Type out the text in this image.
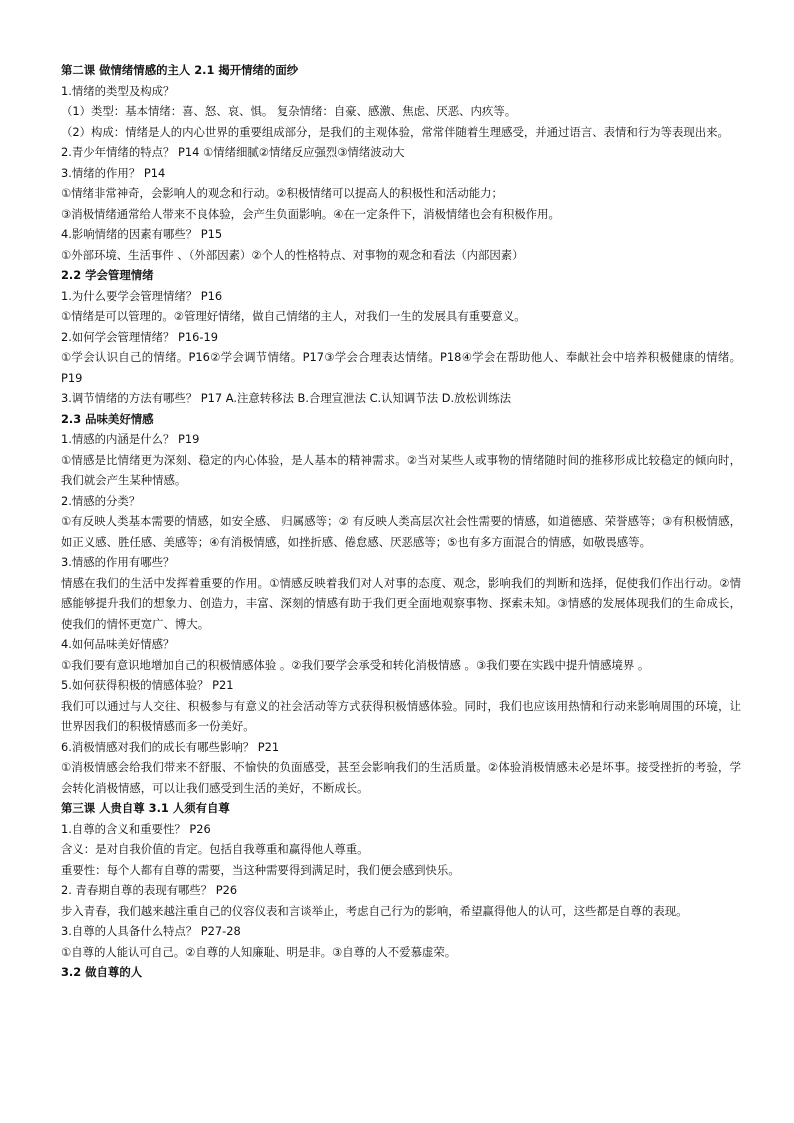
第二课 做情绪情感的主人 2.1 揭开情绪的面纱
1.情绪的类型及构成？
（1）类型：基本情绪：喜、怒、哀、惧。 复杂情绪：自豪、感激、焦虑、厌恶、内疚等。
（2）构成：情绪是人的内心世界的重要组成部分，是我们的主观体验，常常伴随着生理感受，并通过语言、表情和行为等表现出来。
2.青少年情绪的特点？ P14 ①情绪细腻②情绪反应强烈③情绪波动大
3.情绪的作用？ P14
①情绪非常神奇，会影响人的观念和行动。②积极情绪可以提高人的积极性和活动能力；
③消极情绪通常给人带来不良体验，会产生负面影响。④在一定条件下，消极情绪也会有积极作用。
4.影响情绪的因素有哪些？ P15
①外部环境、生活事件 、（外部因素）②个人的性格特点、对事物的观念和看法（内部因素）
2.2 学会管理情绪
1.为什么要学会管理情绪？ P16
①情绪是可以管理的。②管理好情绪，做自己情绪的主人，对我们一生的发展具有重要意义。
2.如何学会管理情绪？ P16-19
①学会认识自己的情绪。P16②学会调节情绪。P17③学会合理表达情绪。P18④学会在帮助他人、奉献社会中培养积极健康的情绪。 P19
3.调节情绪的方法有哪些？ P17 A.注意转移法 B.合理宣泄法 C.认知调节法 D.放松训练法
2.3 品味美好情感
1.情感的内涵是什么？ P19
①情感是比情绪更为深刻、稳定的内心体验，是人基本的精神需求。②当对某些人或事物的情绪随时间的推移形成比较稳定的倾向时，我们就会产生某种情感。
2.情感的分类？
①有反映人类基本需要的情感，如安全感、 归属感等；② 有反映人类高层次社会性需要的情感，如道德感、荣誉感等；③有积极情感，如正义感、胜任感、美感等；④有消极情感，如挫折感、倦怠感、厌恶感等；⑤也有多方面混合的情感，如敬畏感等。
3.情感的作用有哪些？
情感在我们的生活中发挥着重要的作用。①情感反映着我们对人对事的态度、观念，影响我们的判断和选择，促使我们作出行动。②情感能够提升我们的想象力、创造力，丰富、深刻的情感有助于我们更全面地观察事物、探索未知。③情感的发展体现我们的生命成长，使我们的情怀更宽广、博大。
4.如何品味美好情感？
①我们要有意识地增加自己的积极情感体验 。②我们要学会承受和转化消极情感 。③我们要在实践中提升情感境界 。
5.如何获得积极的情感体验？ P21
我们可以通过与人交往、积极参与有意义的社会活动等方式获得积极情感体验。同时，我们也应该用热情和行动来影响周围的环境，让世界因我们的积极情感而多一份美好。
6.消极情感对我们的成长有哪些影响？ P21
①消极情感会给我们带来不舒服、不愉快的负面感受，甚至会影响我们的生活质量。②体验消极情感未必是坏事。接受挫折的考验，学会转化消极情感，可以让我们感受到生活的美好，不断成长。
第三课 人贵自尊 3.1 人须有自尊
1.自尊的含义和重要性？ P26
含义：是对自我价值的肯定。包括自我尊重和赢得他人尊重。
重要性：每个人都有自尊的需要，当这种需要得到满足时，我们便会感到快乐。
2. 青春期自尊的表现有哪些？ P26
步入青春，我们越来越注重自己的仪容仪表和言谈举止，考虑自己行为的影响，希望赢得他人的认可，这些都是自尊的表现。
3.自尊的人具备什么特点？ P27-28
①自尊的人能认可自己。②自尊的人知廉耻、明是非。③自尊的人不爱慕虚荣。
3.2 做自尊的人
